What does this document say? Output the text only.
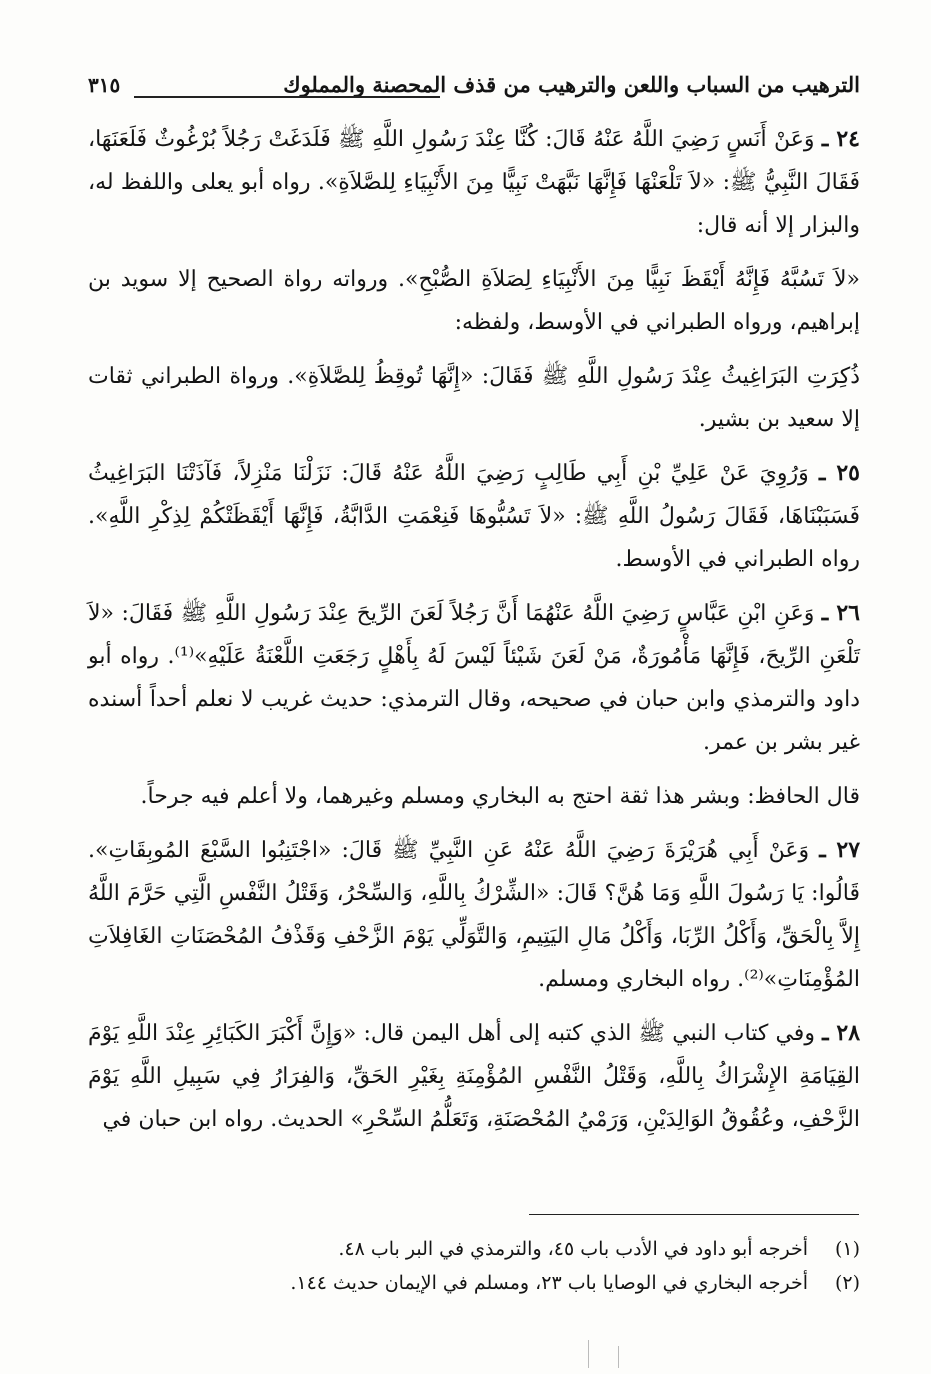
الترهيب من السباب واللعن والترهيب من قذف المحصنة والمملوك
٣١٥

٢٤ ـ وَعَنْ أَنَسٍ رَضِيَ اللَّهُ عَنْهُ قَالَ: كُنَّا عِنْدَ رَسُولِ اللَّهِ ﷺ فَلَدَغَتْ رَجُلاً بُرْغُوثٌ فَلَعَنَهَا، فَقَالَ النَّبِيُّ ﷺ: «لاَ تَلْعَنْهَا فَإِنَّهَا نَبَّهَتْ نَبِيًّا مِنَ الأَنْبِيَاءِ لِلصَّلاَةِ». رواه أبو يعلى واللفظ له، والبزار إلا أنه قال:

«لاَ تَسُبَّهُ فَإِنَّهُ أَيْقَظَ نَبِيًّا مِنَ الأَنْبِيَاءِ لِصَلاَةِ الصُّبْحِ». ورواته رواة الصحيح إلا سويد بن إبراهيم، ورواه الطبراني في الأوسط، ولفظه:

ذُكِرَتِ البَرَاغِيثُ عِنْدَ رَسُولِ اللَّهِ ﷺ فَقَالَ: «إِنَّهَا تُوقِظُ لِلصَّلاَةِ». ورواة الطبراني ثقات إلا سعيد بن بشير.

٢٥ ـ وَرُوِيَ عَنْ عَلِيِّ بْنِ أَبِي طَالِبٍ رَضِيَ اللَّهُ عَنْهُ قَالَ: نَزَلْنَا مَنْزِلاً، فَآذَتْنَا البَرَاغِيثُ فَسَبَبْنَاهَا، فَقَالَ رَسُولُ اللَّهِ ﷺ: «لاَ تَسُبُّوهَا فَنِعْمَتِ الدَّابَّةُ، فَإِنَّهَا أَيْقَظَتْكُمْ لِذِكْرِ اللَّهِ». رواه الطبراني في الأوسط.

٢٦ ـ وَعَنِ ابْنِ عَبَّاسٍ رَضِيَ اللَّهُ عَنْهُمَا أَنَّ رَجُلاً لَعَنَ الرِّيحَ عِنْدَ رَسُولِ اللَّهِ ﷺ فَقَالَ: «لاَ تَلْعَنِ الرِّيحَ، فَإِنَّهَا مَأْمُورَةٌ، مَنْ لَعَنَ شَيْئاً لَيْسَ لَهُ بِأَهْلٍ رَجَعَتِ اللَّعْنَةُ عَلَيْهِ»⁽¹⁾. رواه أبو داود والترمذي وابن حبان في صحيحه، وقال الترمذي: حديث غريب لا نعلم أحداً أسنده غير بشر بن عمر.

قال الحافظ: وبشر هذا ثقة احتج به البخاري ومسلم وغيرهما، ولا أعلم فيه جرحاً.

٢٧ ـ وَعَنْ أَبِي هُرَيْرَةَ رَضِيَ اللَّهُ عَنْهُ عَنِ النَّبِيِّ ﷺ قَالَ: «اجْتَنِبُوا السَّبْعَ المُوبِقَاتِ». قَالُوا: يَا رَسُولَ اللَّهِ وَمَا هُنَّ؟ قَالَ: «الشِّرْكُ بِاللَّهِ، وَالسِّحْرُ، وَقَتْلُ النَّفْسِ الَّتِي حَرَّمَ اللَّهُ إِلاَّ بِالْحَقِّ، وَأَكْلُ الرِّبَا، وَأَكْلُ مَالِ اليَتِيمِ، وَالتَّوَلِّي يَوْمَ الزَّحْفِ وَقَذْفُ المُحْصَنَاتِ الغَافِلاَتِ المُؤْمِنَاتِ»⁽²⁾. رواه البخاري ومسلم.

٢٨ ـ وفي كتاب النبي ﷺ الذي كتبه إلى أهل اليمن قال: «وَإِنَّ أَكْبَرَ الكَبَائِرِ عِنْدَ اللَّهِ يَوْمَ القِيَامَةِ الإِشْرَاكُ بِاللَّهِ، وَقَتْلُ النَّفْسِ المُؤْمِنَةِ بِغَيْرِ الحَقِّ، وَالفِرَارُ فِي سَبِيلِ اللَّهِ يَوْمَ الزَّحْفِ، وعُقُوقُ الوَالِدَيْنِ، وَرَمْيُ المُحْصَنَةِ، وَتَعَلُّمُ السِّحْرِ» الحديث. رواه ابن حبان في

(١)
أخرجه أبو داود في الأدب باب ٤٥، والترمذي في البر باب ٤٨.
(٢)
أخرجه البخاري في الوصايا باب ٢٣، ومسلم في الإيمان حديث ١٤٤.
